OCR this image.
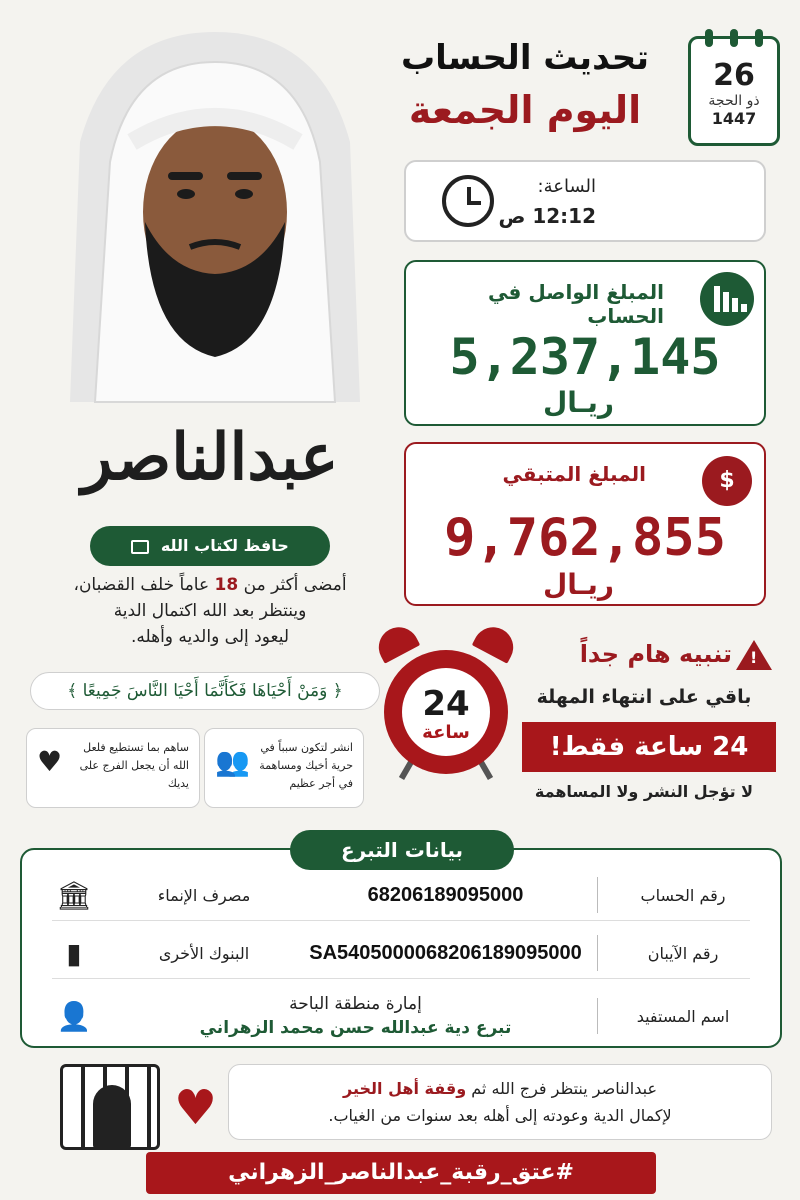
26
ذو الحجة
1447
تحديث الحساب
اليوم الجمعة
الساعة:
12:12 ص
المبلغ الواصل في الحساب
5,237,145
ريـال
$
المبلغ المتبقي
9,762,855
ريـال
عبدالناصر
حافظ لكتاب الله
أمضى أكثر من 18 عاماً خلف القضبان،
وينتظر بعد الله اكتمال الدية
ليعود إلى والديه وأهله.
﴿ وَمَنْ أَحْيَاهَا فَكَأَنَّمَا أَحْيَا النَّاسَ جَمِيعًا ﴾
انشر لتكون سبباً في حرية أخيك ومساهمة في أجر عظيم
👥
ساهم بما تستطيع فلعل الله أن يجعل الفرج على يديك
♥
24
ساعة
!
تنبيه هام جداً
باقي على انتهاء المهلة
24 ساعة فقط!
لا تؤجل النشر ولا المساهمة
رقم الحساب
68206189095000
مصرف الإنماء
🏛
رقم الآيبان
SA5405000068206189095000
البنوك الأخرى
▮
اسم المستفيد
إمارة منطقة الباحة
تبرع دية عبدالله حسن محمد الزهراني
👤
بيانات التبرع
♥	عبدالناصر ينتظر فرج الله ثم وقفة أهل الخير
لإكمال الدية وعودته إلى أهله بعد سنوات من الغياب.
#عتق_رقبة_عبدالناصر_الزهراني
